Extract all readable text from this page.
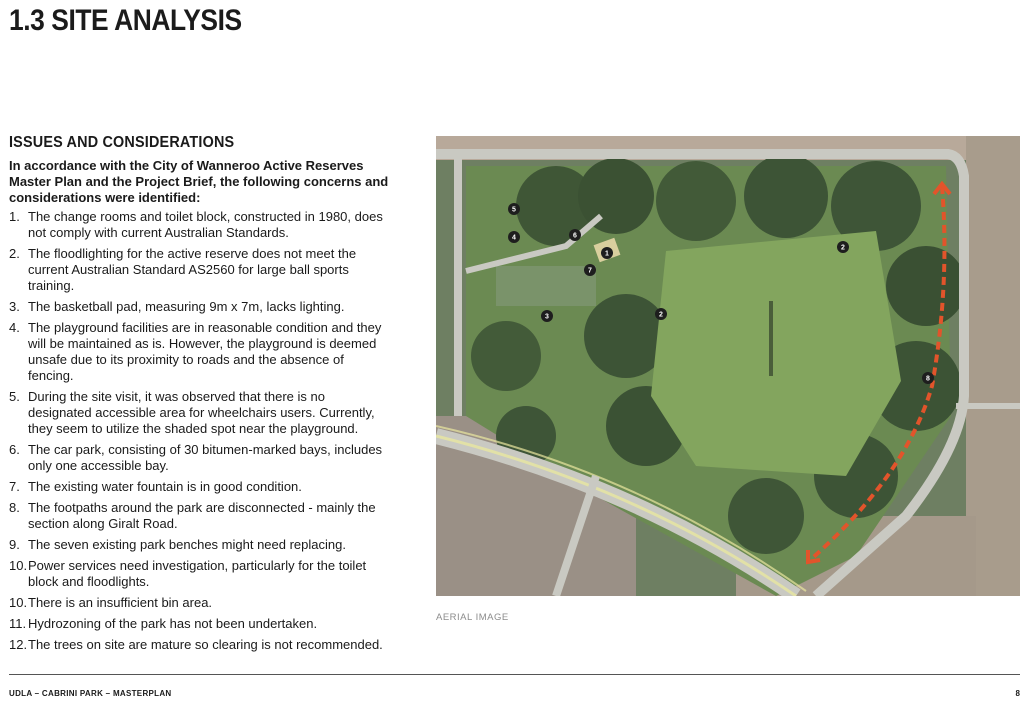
1.3 SITE ANALYSIS
ISSUES AND CONSIDERATIONS

In accordance with the City of Wanneroo Active Reserves Master Plan and the Project Brief, the following concerns and considerations were identified:

1. The change rooms and toilet block, constructed in 1980, does not comply with current Australian Standards.
2. The floodlighting for the active reserve does not meet the current Australian Standard AS2560 for large ball sports training.
3. The basketball pad, measuring 9m x 7m, lacks lighting.
4. The playground facilities are in reasonable condition and they will be maintained as is. However, the playground is deemed unsafe due to its proximity to roads and the absence of fencing.
5. During the site visit, it was observed that there is no designated accessible area for wheelchairs users. Currently, they seem to utilize the shaded spot near the playground.
6. The car park, consisting of 30 bitumen-marked bays, includes only one accessible bay.
7. The existing water fountain is in good condition.
8. The footpaths around the park are disconnected - mainly the section along Giralt Road.
9. The seven existing park benches might need replacing.
10. Power services need investigation, particularly for the toilet block and floodlights.
10. There is an insufficient bin area.
11. Hydrozoning of the park has not been undertaken.
12. The trees on site are mature so clearing is not recommended.
1
2
2
3
4
5
6
7
8
AERIAL IMAGE
UDLA – CABRINI PARK – MASTERPLAN	8
